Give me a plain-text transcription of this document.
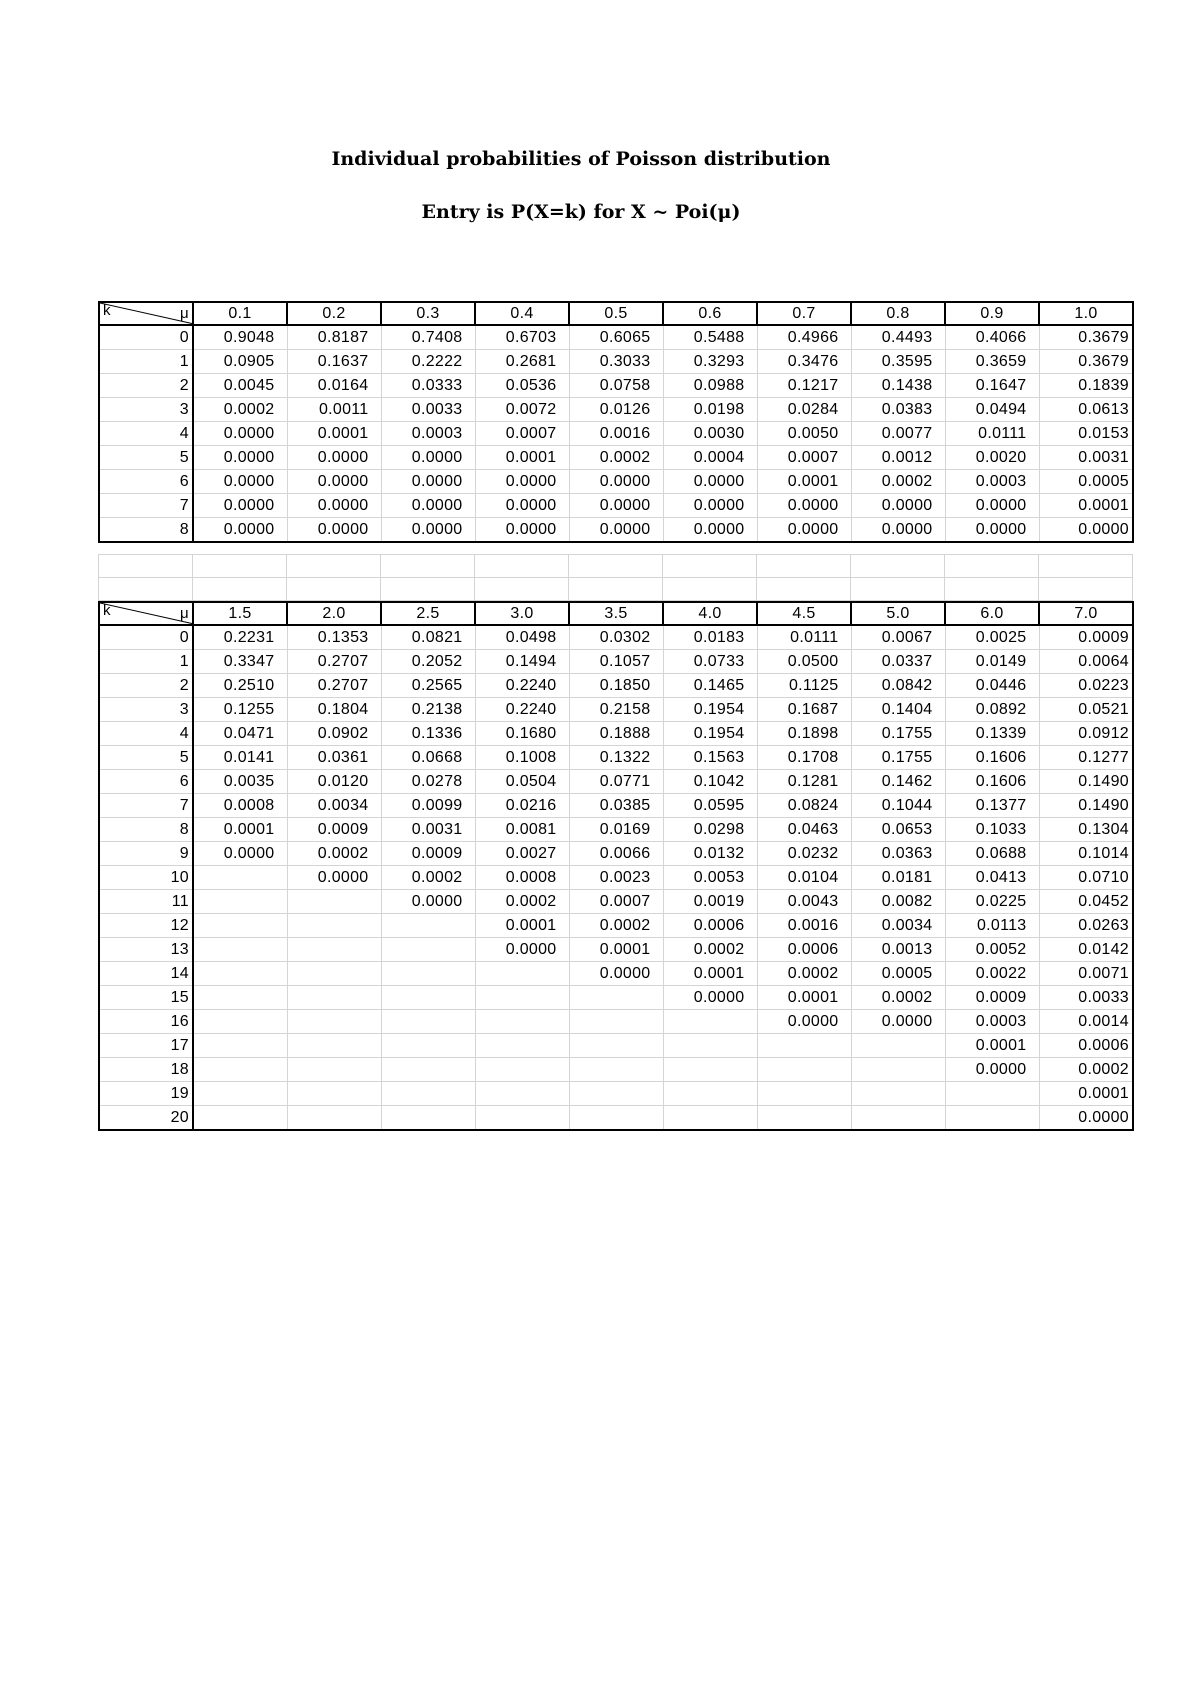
Individual probabilities of Poisson distribution
Entry is P(X=k) for X ~ Poi(μ)
k μ	0.1	0.2	0.3	0.4	0.5	0.6	0.7	0.8	0.9	1.0
0	0.9048	0.8187	0.7408	0.6703	0.6065	0.5488	0.4966	0.4493	0.4066	0.3679
1	0.0905	0.1637	0.2222	0.2681	0.3033	0.3293	0.3476	0.3595	0.3659	0.3679
2	0.0045	0.0164	0.0333	0.0536	0.0758	0.0988	0.1217	0.1438	0.1647	0.1839
3	0.0002	0.0011	0.0033	0.0072	0.0126	0.0198	0.0284	0.0383	0.0494	0.0613
4	0.0000	0.0001	0.0003	0.0007	0.0016	0.0030	0.0050	0.0077	0.0111	0.0153
5	0.0000	0.0000	0.0000	0.0001	0.0002	0.0004	0.0007	0.0012	0.0020	0.0031
6	0.0000	0.0000	0.0000	0.0000	0.0000	0.0000	0.0001	0.0002	0.0003	0.0005
7	0.0000	0.0000	0.0000	0.0000	0.0000	0.0000	0.0000	0.0000	0.0000	0.0001
8	0.0000	0.0000	0.0000	0.0000	0.0000	0.0000	0.0000	0.0000	0.0000	0.0000

k μ	1.5	2.0	2.5	3.0	3.5	4.0	4.5	5.0	6.0	7.0
0	0.2231	0.1353	0.0821	0.0498	0.0302	0.0183	0.0111	0.0067	0.0025	0.0009
1	0.3347	0.2707	0.2052	0.1494	0.1057	0.0733	0.0500	0.0337	0.0149	0.0064
2	0.2510	0.2707	0.2565	0.2240	0.1850	0.1465	0.1125	0.0842	0.0446	0.0223
3	0.1255	0.1804	0.2138	0.2240	0.2158	0.1954	0.1687	0.1404	0.0892	0.0521
4	0.0471	0.0902	0.1336	0.1680	0.1888	0.1954	0.1898	0.1755	0.1339	0.0912
5	0.0141	0.0361	0.0668	0.1008	0.1322	0.1563	0.1708	0.1755	0.1606	0.1277
6	0.0035	0.0120	0.0278	0.0504	0.0771	0.1042	0.1281	0.1462	0.1606	0.1490
7	0.0008	0.0034	0.0099	0.0216	0.0385	0.0595	0.0824	0.1044	0.1377	0.1490
8	0.0001	0.0009	0.0031	0.0081	0.0169	0.0298	0.0463	0.0653	0.1033	0.1304
9	0.0000	0.0002	0.0009	0.0027	0.0066	0.0132	0.0232	0.0363	0.0688	0.1014
10		0.0000	0.0002	0.0008	0.0023	0.0053	0.0104	0.0181	0.0413	0.0710
11			0.0000	0.0002	0.0007	0.0019	0.0043	0.0082	0.0225	0.0452
12				0.0001	0.0002	0.0006	0.0016	0.0034	0.0113	0.0263
13				0.0000	0.0001	0.0002	0.0006	0.0013	0.0052	0.0142
14					0.0000	0.0001	0.0002	0.0005	0.0022	0.0071
15						0.0000	0.0001	0.0002	0.0009	0.0033
16							0.0000	0.0000	0.0003	0.0014
17									0.0001	0.0006
18									0.0000	0.0002
19										0.0001
20										0.0000
